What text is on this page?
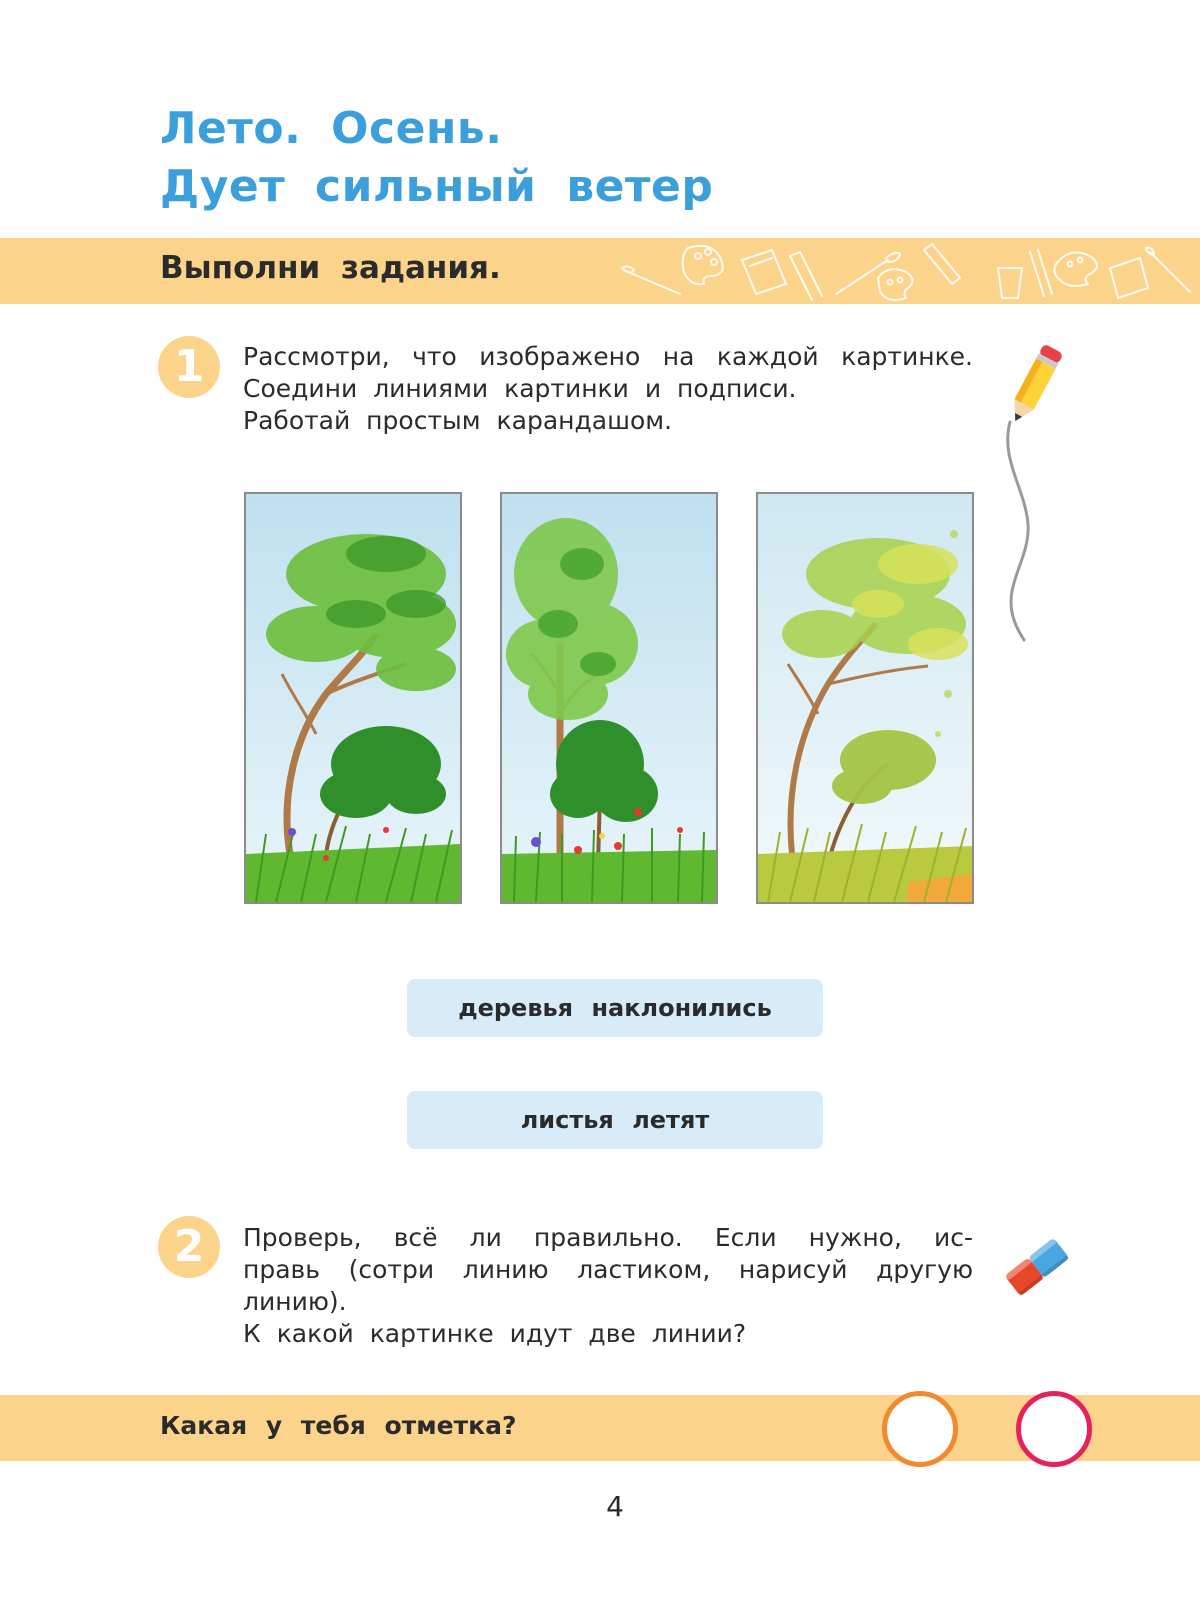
Лето. Осень.
Дует сильный ветер
Выполни задания.
1	Рассмотри, что изображено на каждой картинке.

Соедини линиями картинки и подписи.

Работай простым карандашом.

деревья наклонились
листья летят
2	Проверь, всё ли правильно. Если нужно, ис-

правь (сотри линию ластиком, нарисуй другую

линию).

К какой картинке идут две линии?

Какая у тебя отметка?
4
